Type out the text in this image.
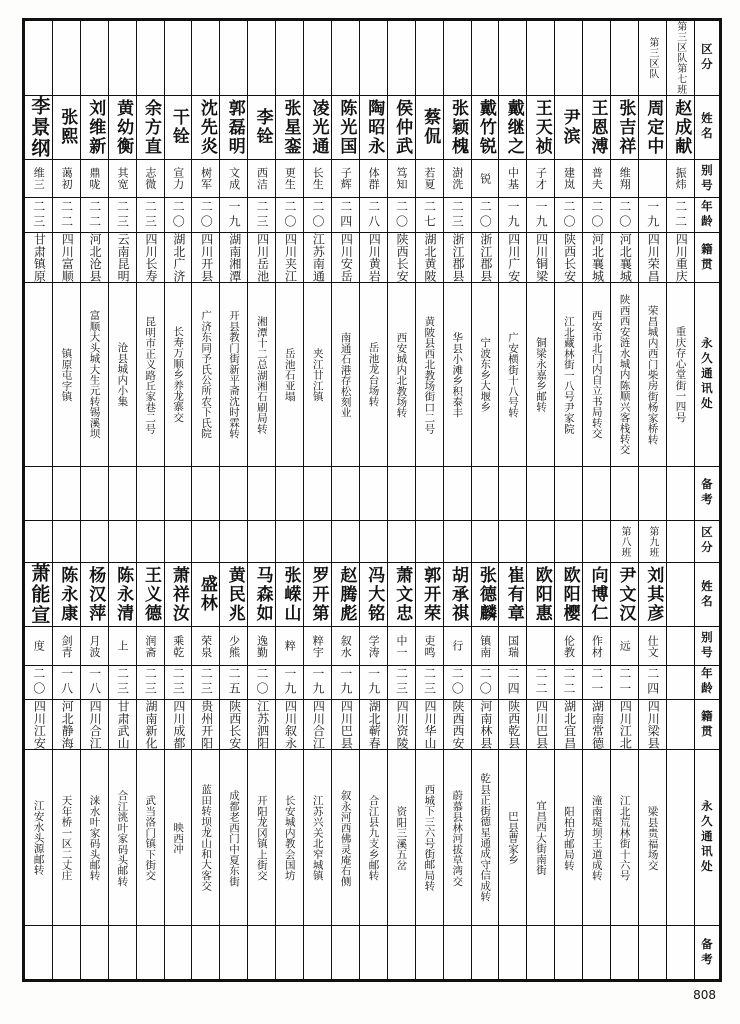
																						第三区队	第三区队第七班	区分

李景纲	张熙	刘维新	黄幼衡	余方直	干铨	沈先炎	郭磊明	李铨	张星銮	凌光通	陈光国	陶昭永	侯仲武	蔡侃	张颖槐	戴竹锐	戴继之	王天祯	尹滨	王恩溥	张吉祥	周定中	赵成献	姓名

维三	蔼初	鼎咙	其宽	志微	宣力	树军	文成	西洁	更生	长生	子辉	体群	笃知	若夏	澍洗	锐	中基	子才	建岚	普夫	维翔		振炜	别号

二三	二二	二二	二三	二三	二〇	二〇	一九	二三	二〇	二〇	二四	二八	二〇	二七	二三	二〇	一九	一九	二〇	二〇	二〇	一九	二二	年龄

甘肃镇原	四川富顺	河北沧县	云南昆明	四川长寿	湖北广济	四川开县	湖南湘潭	四川岳池	四川夹江	江苏南通	四川安岳	四川黄岩	陕西长安	湖北黄陂	浙江郡县	浙江郡县	四川广安	四川铜梁	陕西长安	河北襄城	河北襄城	四川荣昌	四川重庆	籍贯

	镇原屯字镇	富顺大头城大生元转锡溪坝	沧县城内小集	昆明市正义路丘家巷二号	长寿万顺乡养龙寨交	广济东同予氏公所农下氏院	开县教门街新平斋沈时霖转	湘潭十二总湖湘石刷局转	岳池石亚塌	夹江廿江镇	南通石港存松刻业	岳池龙台场转	西安城内北教场转	黄陂县西北教场街口二号	华县小滩乡积泰丰	宁波东乡大堰乡	广安横街十八号转	铜梁永嘉乡邮转	江北藏林街一八号尹家院	西安市北门内自立书局转交	陕西西安涟水城内陈顺兴客栈转交	荣昌城内西门柴房街杨家桥转	重庆存心堂街一四号	永久通讯处

																								备考

																					第八班	第九班		区分

萧能宣	陈永康	杨汉萍	陈永清	王义德	萧祥汝	盛林	黄民兆	马森如	张嵘山	罗开第	赵腾彪	冯大铭	萧文忠	郭开荣	胡承祺	张德麟	崔有章	欧阳惠	欧阳樱	向博仁	尹文汉	刘其彦		姓名

度	剑青	月波	上	润斋	乘乾	荣泉	少熊	逸勤	粹	粹宇	叙水	学涛	中一	吏鸣	行	镇南	国瑞		伦教	作材	远	仕文		别号

二〇	一八	一八	二三	二三	二三	二三	二五	二〇	一九	一九	一九	一九	二三	二三	二〇	二〇	二四	二二	二二	二一	二一	二四		年龄

四川江安	河北静海	四川合江	甘肃武山	湖南新化	四川成都	贵州开阳	陕西长安	江苏泗阳	四川叙永	四川合江	四川巴县	湖北蕲春	四川资陵	四川华山	陕西西安	河南林县	陕西乾县	四川巴县	湖北宜昌	湖南常德	四川江北	四川梁县		籍贯

江安水头源邮转	天年桥一区二丈庄	涞水叶家码头邮转	合江洮叶家码头邮转	武当洛门镇下街交	映西冲	蓝田转坝龙山和大客交	成都老西门中夏东街	开阳龙冈镇上街交	长安城内教会国坊	江苏兴关北窄城镇	叙永河西佛灵庵右侧	合江县九支乡邮转	资阳三溪五岔	西城下三六号街邮局转	蔚慕县林河拔草湾交	乾县正街德星通成守信成转	巴县曹家乡	宜昌西大街南街	阳柏坊邮局转	潼南堤坝王道成转	江北荒林街十六号	梁县贵福场交		永久通讯处

																								备考
808
